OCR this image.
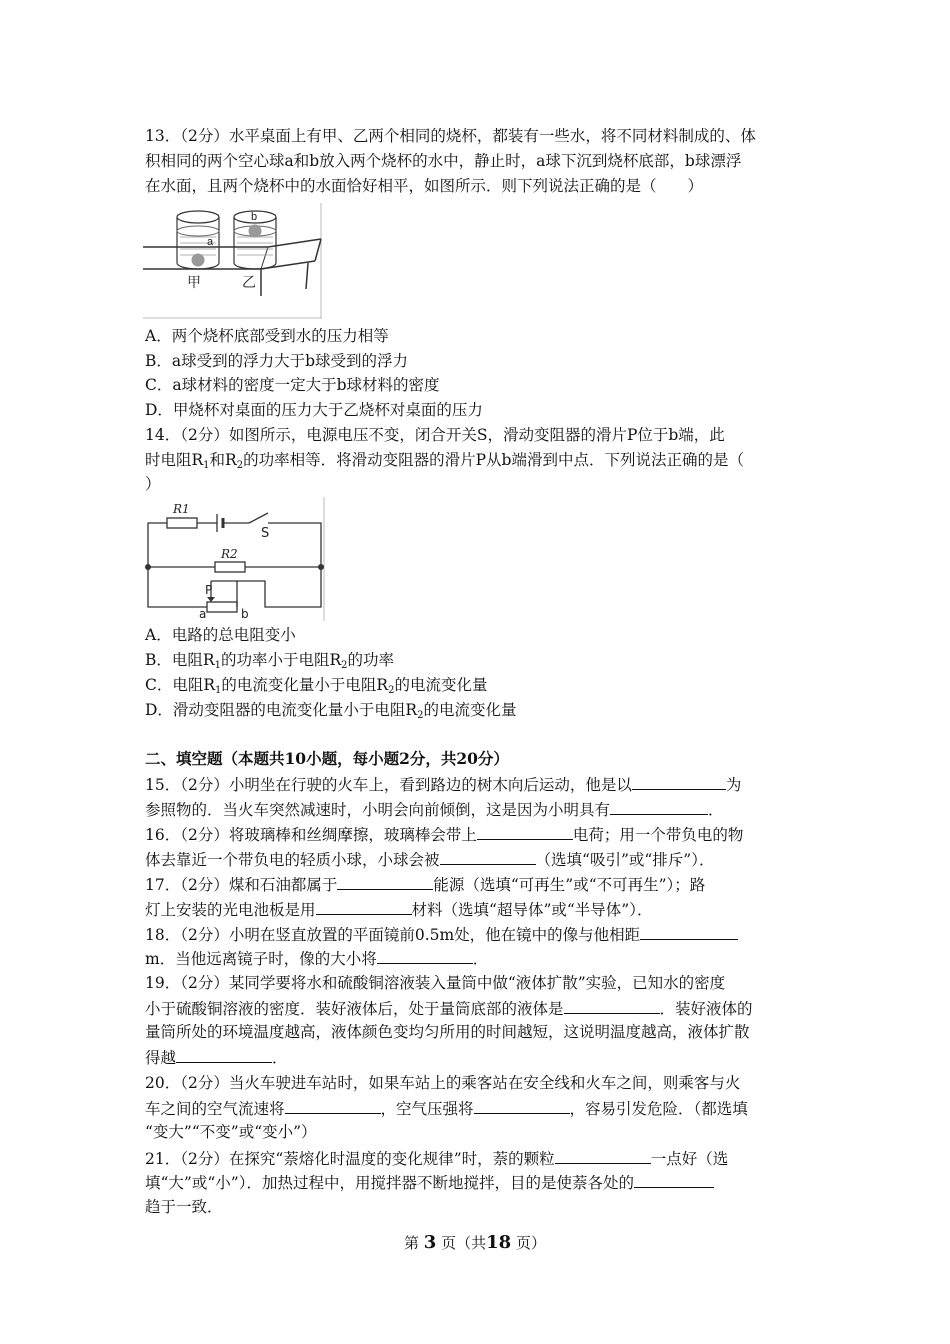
13．（2分）水平桌面上有甲、乙两个相同的烧杯，都装有一些水，将不同材料制成的、体
积相同的两个空心球a和b放入两个烧杯的水中，静止时，a球下沉到烧杯底部，b球漂浮
在水面，且两个烧杯中的水面恰好相平，如图所示．则下列说法正确的是（　　）
a
b
甲	乙
A．两个烧杯底部受到水的压力相等
B．a球受到的浮力大于b球受到的浮力
C．a球材料的密度一定大于b球材料的密度
D．甲烧杯对桌面的压力大于乙烧杯对桌面的压力
14．（2分）如图所示，电源电压不变，闭合开关S，滑动变阻器的滑片P位于b端，此
时电阻$R_1$和$R_2$的功率相等．将滑动变阻器的滑片P从b端滑到中点．下列说法正确的是（
）
R1
R2
S
P
a	b
A．电路的总电阻变小
B．电阻$R_1$的功率小于电阻$R_2$的功率
C．电阻$R_1$的电流变化量小于电阻$R_2$的电流变化量
D．滑动变阻器的电流变化量小于电阻$R_2$的电流变化量
二、填空题（本题共10小题，每小题2分，共20分）
15．（2分）小明坐在行驶的火车上，看到路边的树木向后运动，他是以	为
参照物的．当火车突然减速时，小明会向前倾倒，这是因为小明具有	．
16．（2分）将玻璃棒和丝绸摩擦，玻璃棒会带上	电荷；用一个带负电的物
体去靠近一个带负电的轻质小球，小球会被	（选填“吸引”或“排斥”）．
17．（2分）煤和石油都属于	能源（选填“可再生”或“不可再生”）；路
灯上安装的光电池板是用	材料（选填“超导体”或“半导体”）．
18．（2分）小明在竖直放置的平面镜前0.5m处，他在镜中的像与他相距
m．当他远离镜子时，像的大小将	．
19．（2分）某同学要将水和硫酸铜溶液装入量筒中做“液体扩散”实验，已知水的密度
小于硫酸铜溶液的密度．装好液体后，处于量筒底部的液体是	．装好液体的
量筒所处的环境温度越高，液体颜色变均匀所用的时间越短，这说明温度越高，液体扩散
得越	．
20．（2分）当火车驶进车站时，如果车站上的乘客站在安全线和火车之间，则乘客与火
车之间的空气流速将	，空气压强将	，容易引发危险．（都选填
“变大”“不变”或“变小”）
21．（2分）在探究“萘熔化时温度的变化规律”时，萘的颗粒	一点好（选
填“大”或“小”）．加热过程中，用搅拌器不断地搅拌，目的是使萘各处的
趋于一致．
第 3 页（共18 页）
